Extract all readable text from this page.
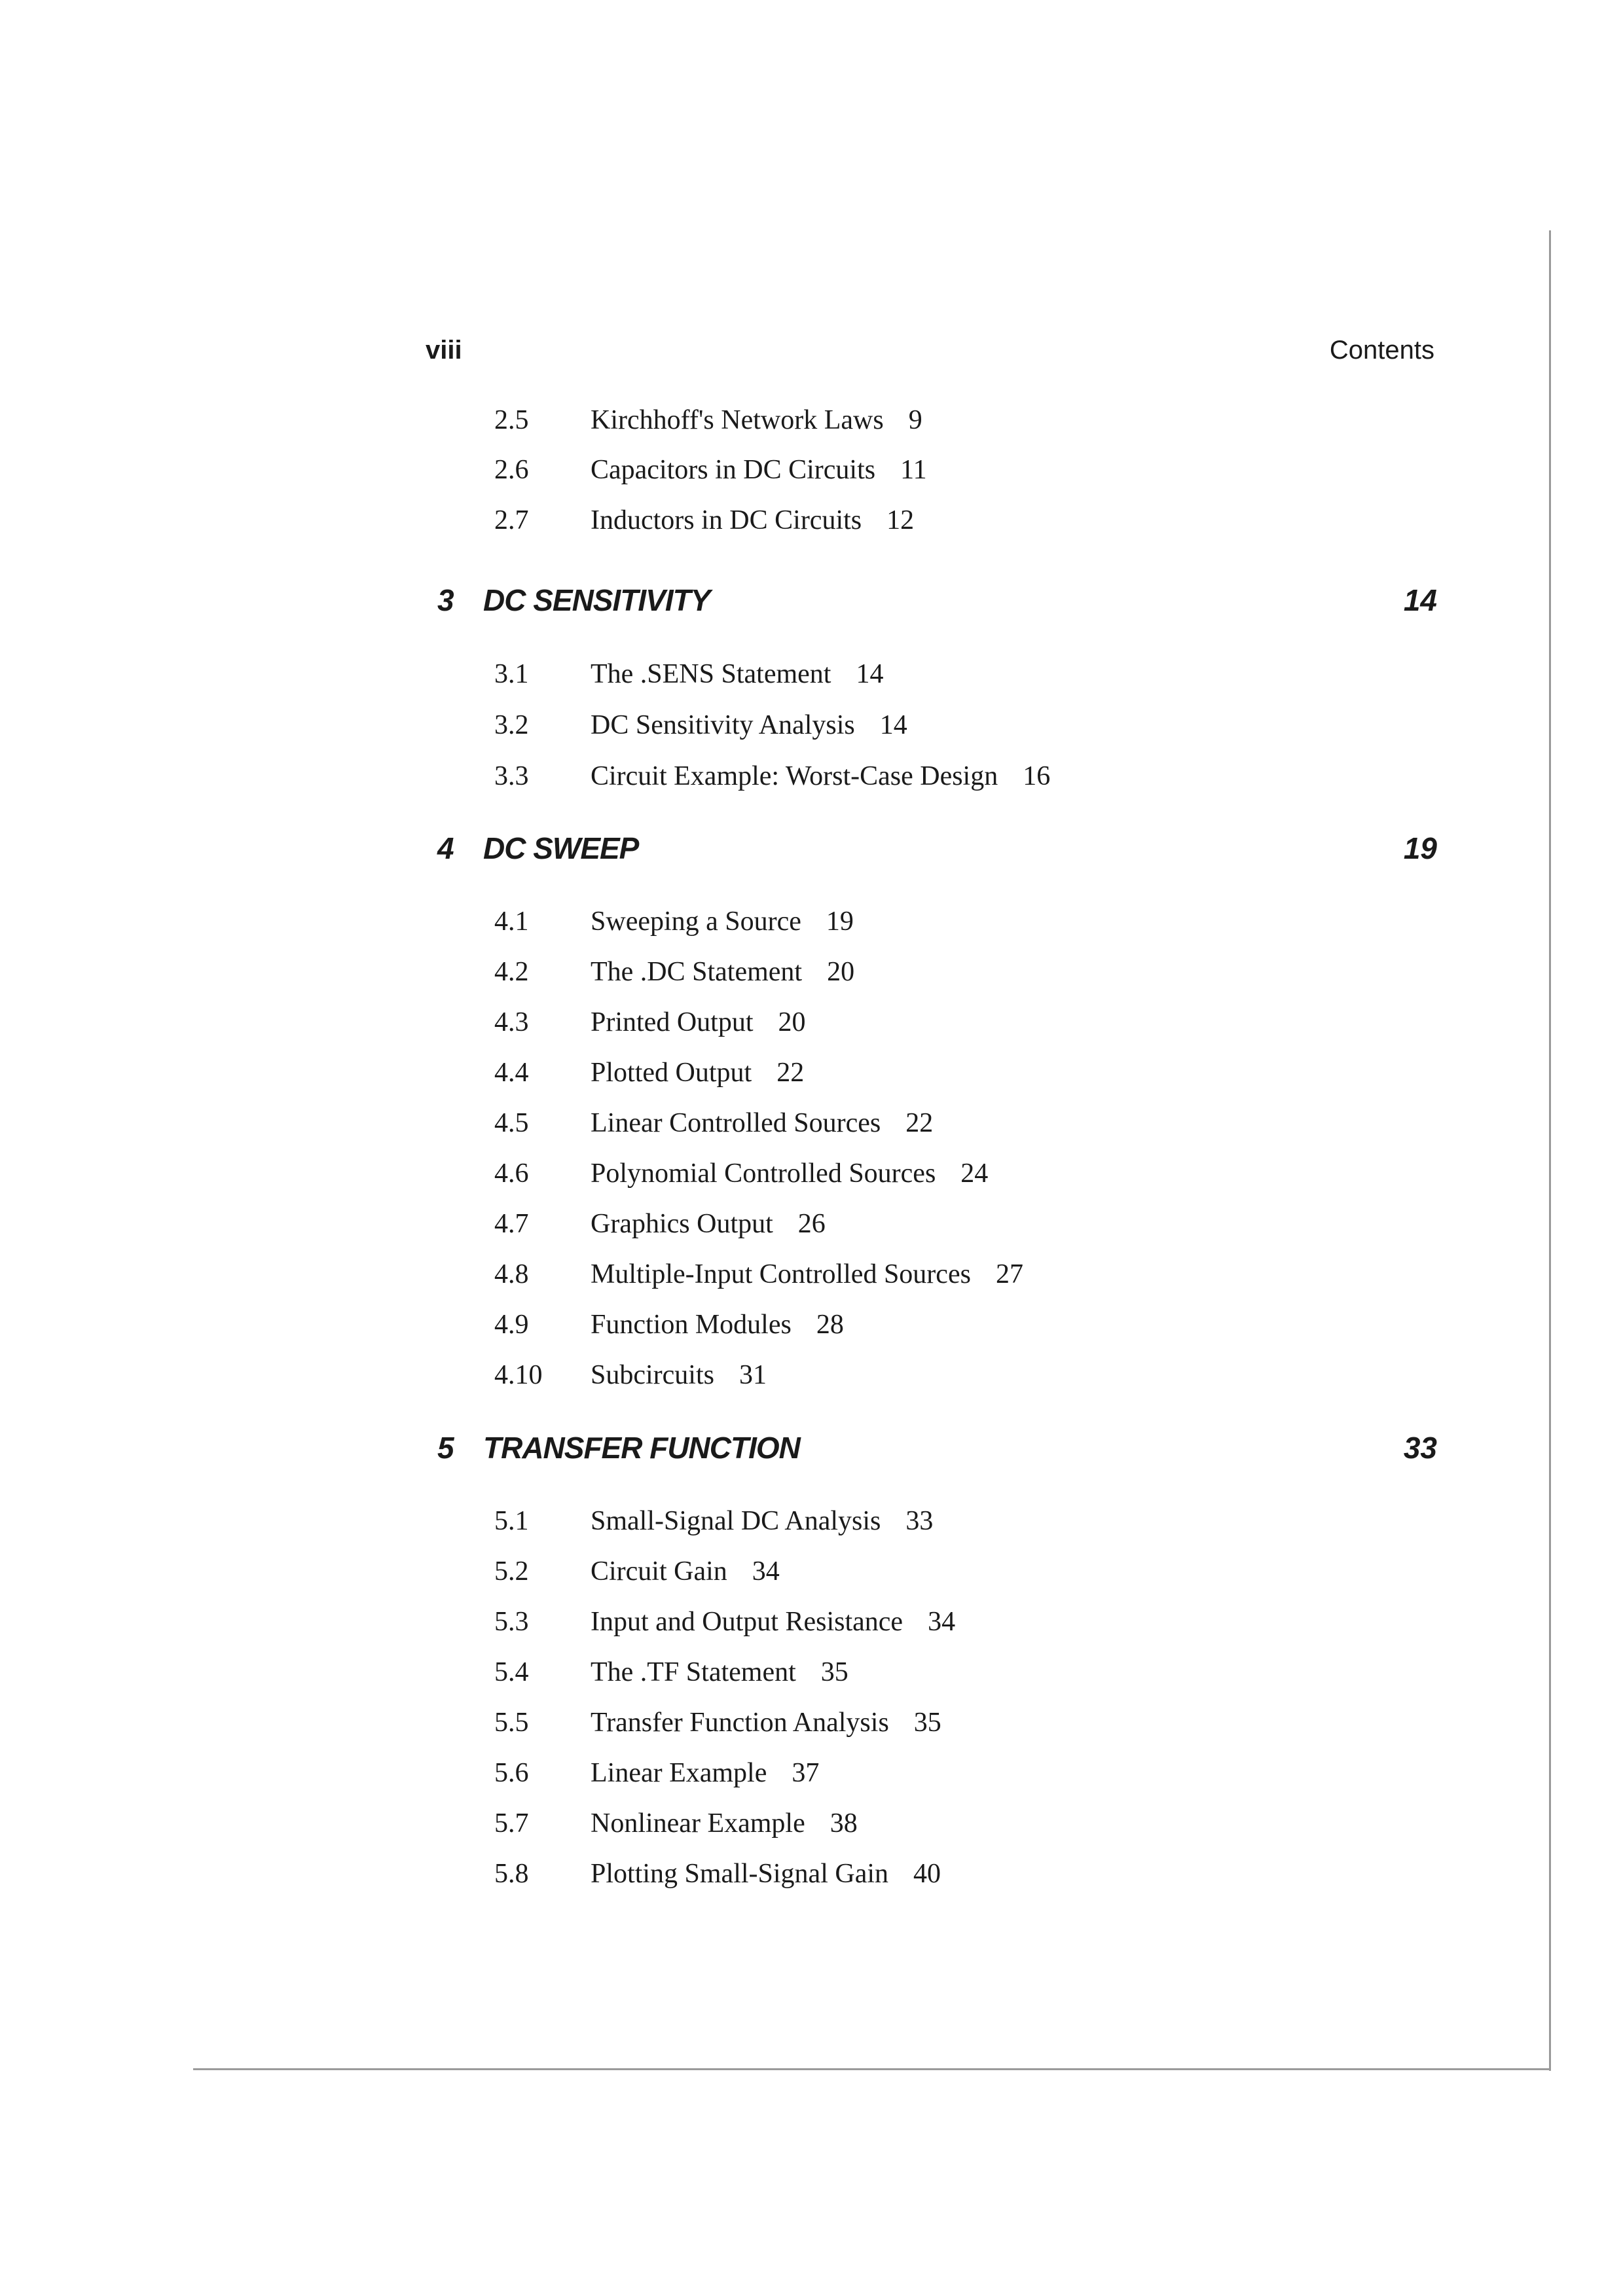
viii	Contents
2.5 Kirchhoff's Network Laws 9
2.6 Capacitors in DC Circuits 11
2.7 Inductors in DC Circuits 12
3 DC SENSITIVITY	14
3.1 The .SENS Statement 14
3.2 DC Sensitivity Analysis 14
3.3 Circuit Example: Worst-Case Design 16
4 DC SWEEP	19
4.1 Sweeping a Source 19
4.2 The .DC Statement 20
4.3 Printed Output 20
4.4 Plotted Output 22
4.5 Linear Controlled Sources 22
4.6 Polynomial Controlled Sources 24
4.7 Graphics Output 26
4.8 Multiple-Input Controlled Sources 27
4.9 Function Modules 28
4.10 Subcircuits 31
5 TRANSFER FUNCTION	33
5.1 Small-Signal DC Analysis 33
5.2 Circuit Gain 34
5.3 Input and Output Resistance 34
5.4 The .TF Statement 35
5.5 Transfer Function Analysis 35
5.6 Linear Example 37
5.7 Nonlinear Example 38
5.8 Plotting Small-Signal Gain 40
